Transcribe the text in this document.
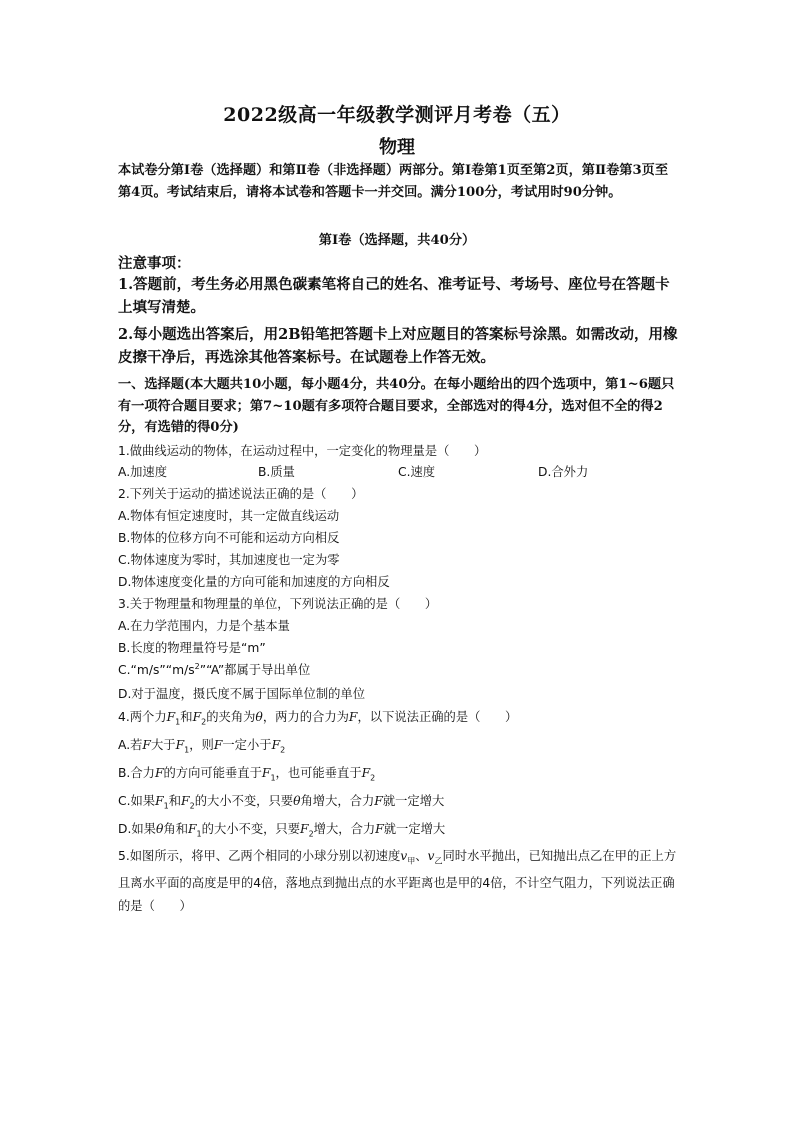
2022级高一年级教学测评月考卷（五）
物理
本试卷分第Ⅰ卷（选择题）和第Ⅱ卷（非选择题）两部分。第Ⅰ卷第1页至第2页，第Ⅱ卷第3页至第4页。考试结束后，请将本试卷和答题卡一并交回。满分100分，考试用时90分钟。
第Ⅰ卷（选择题，共40分）
注意事项：
1.答题前，考生务必用黑色碳素笔将自己的姓名、准考证号、考场号、座位号在答题卡上填写清楚。
2.每小题选出答案后，用2B铅笔把答题卡上对应题目的答案标号涂黑。如需改动，用橡皮擦干净后，再选涂其他答案标号。在试题卷上作答无效。
一、选择题(本大题共10小题，每小题4分，共40分。在每小题给出的四个选项中，第1~6题只有一项符合题目要求；第7~10题有多项符合题目要求，全部选对的得4分，选对但不全的得2分，有选错的得0分)
1.做曲线运动的物体，在运动过程中，一定变化的物理量是（　　）
A.加速度	B.质量	C.速度	D.合外力
2.下列关于运动的描述说法正确的是（　　）
A.物体有恒定速度时，其一定做直线运动
B.物体的位移方向不可能和运动方向相反
C.物体速度为零时，其加速度也一定为零
D.物体速度变化量的方向可能和加速度的方向相反
3.关于物理量和物理量的单位，下列说法正确的是（　　）
A.在力学范围内，力是个基本量
B.长度的物理量符号是“m”
$C.“m/s”“m/s^2”“A$”都属于导出单位
D.对于温度，摄氏度不属于国际单位制的单位
4.两个力$F_1$和$F_2$的夹角为θ，两力的合力为F，以下说法正确的是（　　）
A.若F大于$F_1$，则F一定小于$F_2$
B.合力F的方向可能垂直于$F_1$，也可能垂直于$F_2$
C.如果$F_1$和$F_2$的大小不变，只要θ角增大，合力F就一定增大
D.如果θ角和$F_1$的大小不变，只要$F_2$增大，合力F就一定增大
5.如图所示，将甲、乙两个相同的小球分别以初速度$v_甲$、$v_乙$同时水平抛出，已知抛出点乙在甲的正上方且离水平面的高度是甲的4倍，落地点到抛出点的水平距离也是甲的4倍，不计空气阻力，下列说法正确的是（　　）
